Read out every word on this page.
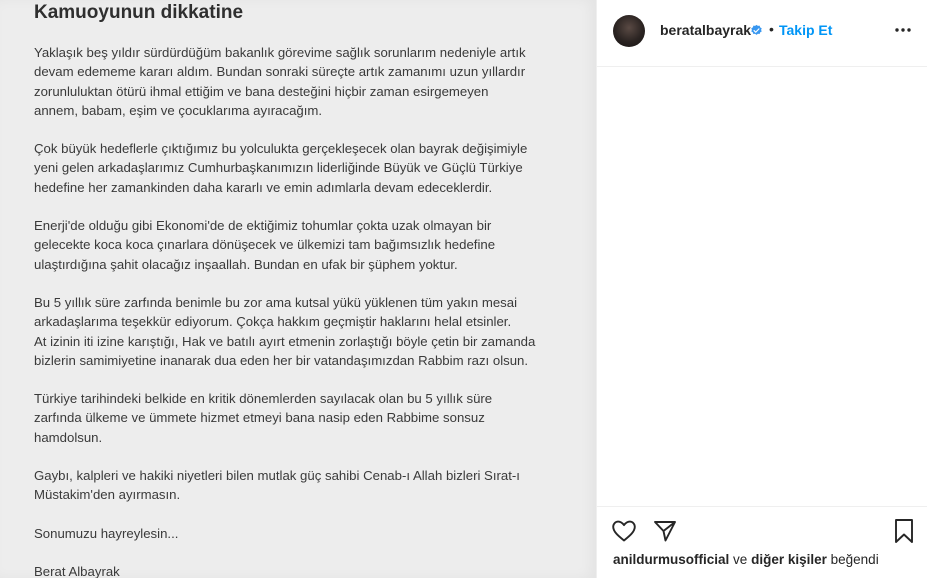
Kamuoyunun dikkatine

Yaklaşık beş yıldır sürdürdüğüm bakanlık görevime sağlık sorunlarım nedeniyle artık
devam edememe kararı aldım. Bundan sonraki süreçte artık zamanımı uzun yıllardır
zorunluluktan ötürü ihmal ettiğim ve bana desteğini hiçbir zaman esirgemeyen
annem, babam, eşim ve çocuklarıma ayıracağım.

Çok büyük hedeflerle çıktığımız bu yolculukta gerçekleşecek olan bayrak değişimiyle
yeni gelen arkadaşlarımız Cumhurbaşkanımızın liderliğinde Büyük ve Güçlü Türkiye
hedefine her zamankinden daha kararlı ve emin adımlarla devam edeceklerdir.

Enerji'de olduğu gibi Ekonomi'de de ektiğimiz tohumlar çokta uzak olmayan bir
gelecekte koca koca çınarlara dönüşecek ve ülkemizi tam bağımsızlık hedefine
ulaştırdığına şahit olacağız inşaallah. Bundan en ufak bir şüphem yoktur.

Bu 5 yıllık süre zarfında benimle bu zor ama kutsal yükü yüklenen tüm yakın mesai
arkadaşlarıma teşekkür ediyorum. Çokça hakkım geçmiştir haklarını helal etsinler.
At izinin iti izine karıştığı, Hak ve batılı ayırt etmenin zorlaştığı böyle çetin bir zamanda
bizlerin samimiyetine inanarak dua eden her bir vatandaşımızdan Rabbim razı olsun.

Türkiye tarihindeki belkide en kritik dönemlerden sayılacak olan bu 5 yıllık süre
zarfında ülkeme ve ümmete hizmet etmeyi bana nasip eden Rabbime sonsuz
hamdolsun.

Gaybı, kalpleri ve hakiki niyetleri bilen mutlak güç sahibi Cenab-ı Allah bizleri Sırat-ı
Müstakim'den ayırmasın.

Sonumuzu hayreylesin...

Berat Albayrak

beratalbayrak • Takip Et
anildurmusofficial ve diğer kişiler beğendi
